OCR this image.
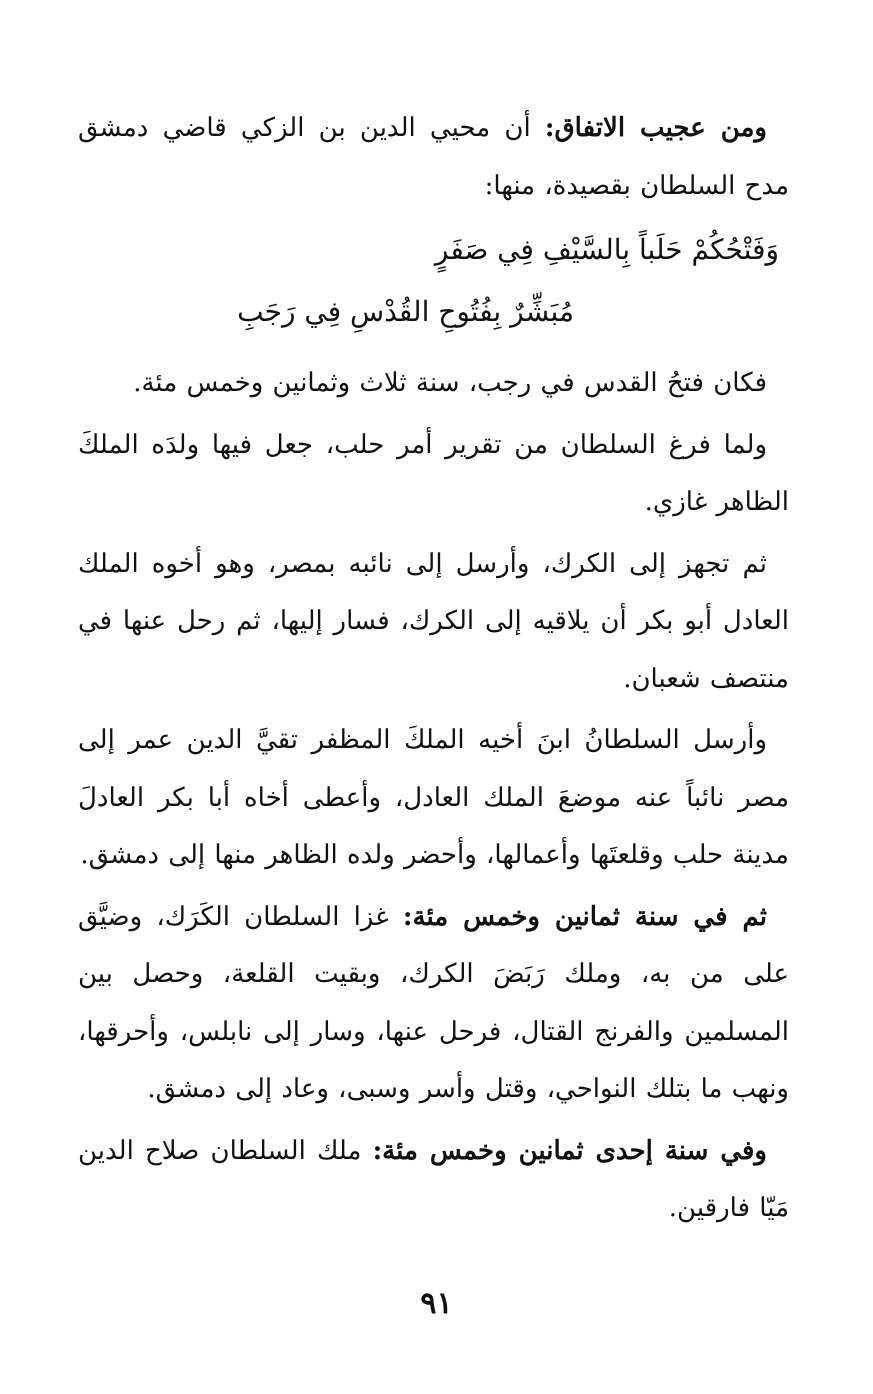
ومن عجيب الاتفاق: أن محيي الدين بن الزكي قاضي دمشق مدح السلطان بقصيدة، منها:

وَفَتْحُكُمْ حَلَباً بِالسَّيْفِ فِي صَفَرٍ
مُبَشِّرٌ بِفُتُوحِ القُدْسِ فِي رَجَبِ

فكان فتحُ القدس في رجب، سنة ثلاث وثمانين وخمس مئة.

ولما فرغ السلطان من تقرير أمر حلب، جعل فيها ولدَه الملكَ الظاهر غازي.

ثم تجهز إلى الكرك، وأرسل إلى نائبه بمصر، وهو أخوه الملك العادل أبو بكر أن يلاقيه إلى الكرك، فسار إليها، ثم رحل عنها في منتصف شعبان.

وأرسل السلطانُ ابنَ أخيه الملكَ المظفر تقيَّ الدين عمر إلى مصر نائباً عنه موضعَ الملك العادل، وأعطى أخاه أبا بكر العادلَ مدينة حلب وقلعتَها وأعمالها، وأحضر ولده الظاهر منها إلى دمشق.

ثم في سنة ثمانين وخمس مئة: غزا السلطان الكَرَك، وضيَّق على من به، وملك رَبَضَ الكرك، وبقيت القلعة، وحصل بين المسلمين والفرنج القتال، فرحل عنها، وسار إلى نابلس، وأحرقها، ونهب ما بتلك النواحي، وقتل وأسر وسبى، وعاد إلى دمشق.

وفي سنة إحدى ثمانين وخمس مئة: ملك السلطان صلاح الدين مَيّا فارقين.

٩١
